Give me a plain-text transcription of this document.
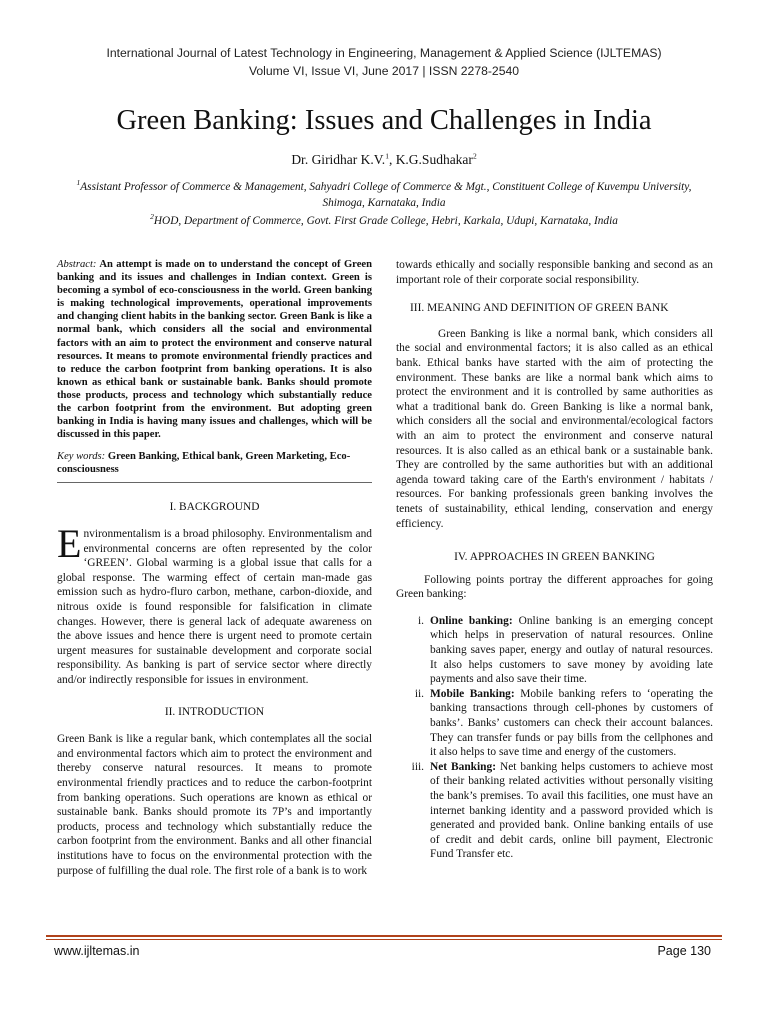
International Journal of Latest Technology in Engineering, Management & Applied Science (IJLTEMAS)
Volume VI, Issue VI, June 2017 | ISSN 2278-2540
Green Banking: Issues and Challenges in India
Dr. Giridhar K.V.$^1$, K.G.Sudhakar$^2$
$^1$Assistant Professor of Commerce & Management, Sahyadri College of Commerce & Mgt., Constituent College of Kuvempu University, Shimoga, Karnataka, India
$^2$HOD, Department of Commerce, Govt. First Grade College, Hebri, Karkala, Udupi, Karnataka, India

Abstract: An attempt is made on to understand the concept of Green banking and its issues and challenges in Indian context. Green is becoming a symbol of eco-consciousness in the world. Green banking is making technological improvements, operational improvements and changing client habits in the banking sector. Green Bank is like a normal bank, which considers all the social and environmental factors with an aim to protect the environment and conserve natural resources. It means to promote environmental friendly practices and to reduce the carbon footprint from banking operations. It is also known as ethical bank or sustainable bank. Banks should promote those products, process and technology which substantially reduce the carbon footprint from the environment. But adopting green banking in India is having many issues and challenges, which will be discussed in this paper.

Key words: Green Banking, Ethical bank, Green Marketing, Eco-consciousness

I. BACKGROUND

Environmentalism is a broad philosophy. Environmentalism and environmental concerns are often represented by the color ‘GREEN’. Global warming is a global issue that calls for a global response. The warming effect of certain man-made gas emission such as hydro-fluro carbon, methane, carbon-dioxide, and nitrous oxide is found responsible for falsification in climate changes. However, there is general lack of adequate awareness on the above issues and hence there is urgent need to promote certain urgent measures for sustainable development and corporate social responsibility. As banking is part of service sector where directly and/or indirectly responsible for issues in environment.

II. INTRODUCTION

Green Bank is like a regular bank, which contemplates all the social and environmental factors which aim to protect the environment and thereby conserve natural resources. It means to promote environmental friendly practices and to reduce the carbon-footprint from banking operations. Such operations are known as ethical or sustainable bank. Banks should promote its 7P’s and importantly products, process and technology which substantially reduce the carbon footprint from the environment. Banks and all other financial institutions have to focus on the environmental protection with the purpose of fulfilling the dual role. The first role of a bank is to work

towards ethically and socially responsible banking and second as an important role of their corporate social responsibility.

III. MEANING AND DEFINITION OF GREEN BANK

Green Banking is like a normal bank, which considers all the social and environmental factors; it is also called as an ethical bank. Ethical banks have started with the aim of protecting the environment. These banks are like a normal bank which aims to protect the environment and it is controlled by same authorities as what a traditional bank do. Green Banking is like a normal bank, which considers all the social and environmental/ecological factors with an aim to protect the environment and conserve natural resources. It is also called as an ethical bank or a sustainable bank. They are controlled by the same authorities but with an additional agenda toward taking care of the Earth's environment / habitats / resources. For banking professionals green banking involves the tenets of sustainability, ethical lending, conservation and energy efficiency.

IV. APPROACHES IN GREEN BANKING

Following points portray the different approaches for going Green banking:

i. Online banking: Online banking is an emerging concept which helps in preservation of natural resources. Online banking saves paper, energy and outlay of natural resources. It also helps customers to save money by avoiding late payments and also save their time.
ii. Mobile Banking: Mobile banking refers to ‘operating the banking transactions through cell-phones by customers of banks’. Banks’ customers can check their account balances. They can transfer funds or pay bills from the cellphones and it also helps to save time and energy of the customers.
iii. Net Banking: Net banking helps customers to achieve most of their banking related activities without personally visiting the bank’s premises. To avail this facilities, one must have an internet banking identity and a password provided which is generated and provided bank. Online banking entails of use of credit and debit cards, online bill payment, Electronic Fund Transfer etc.
www.ijltemas.in	Page 130
